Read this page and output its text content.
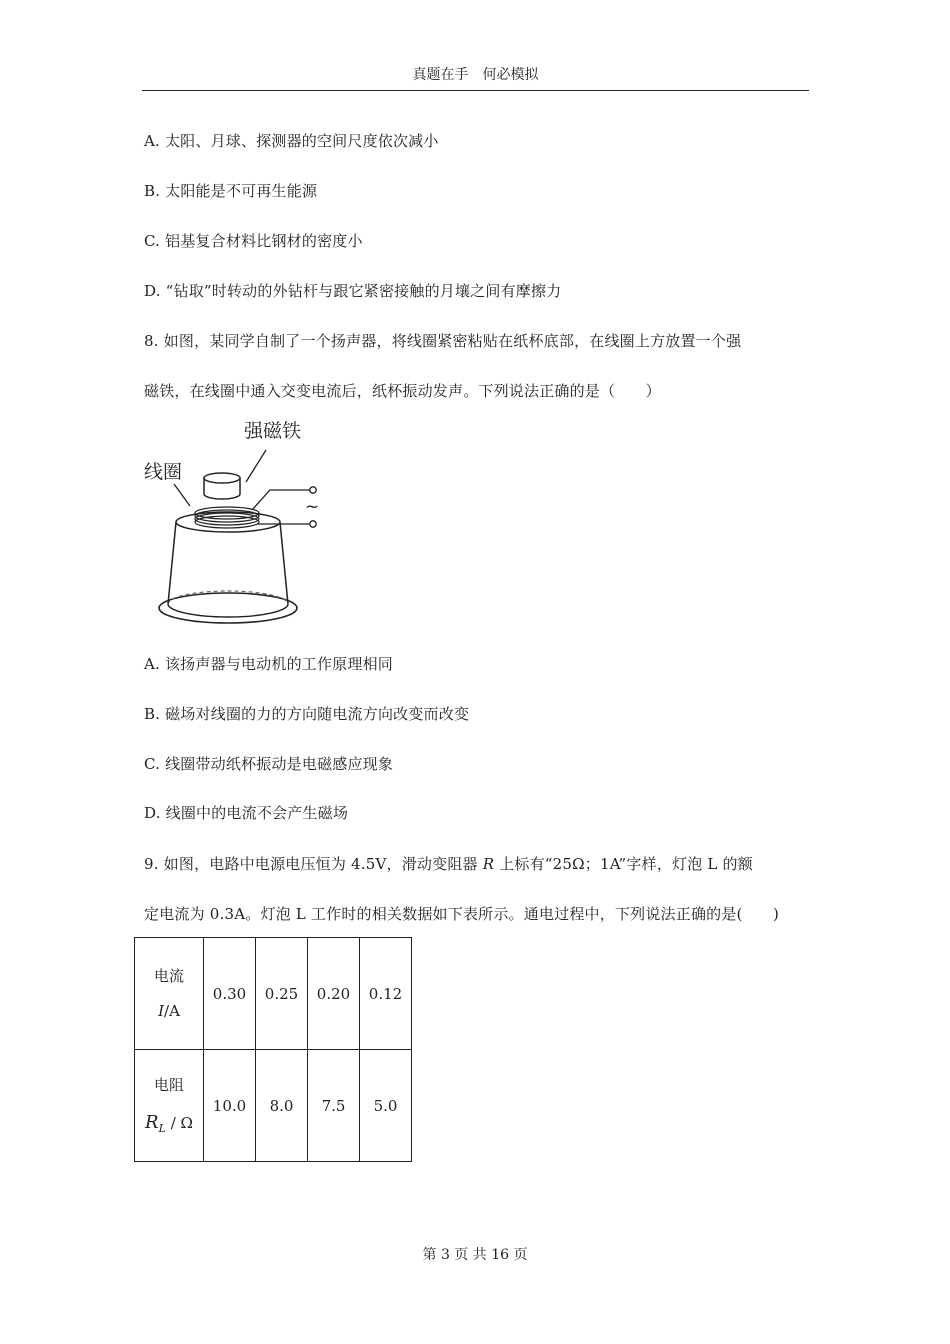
真题在手　何必模拟
A. 太阳、月球、探测器的空间尺度依次减小
B. 太阳能是不可再生能源
C. 铝基复合材料比钢材的密度小
D. “钻取”时转动的外钻杆与跟它紧密接触的月壤之间有摩擦力
8. 如图，某同学自制了一个扬声器，将线圈紧密粘贴在纸杯底部，在线圈上方放置一个强
磁铁，在线圈中通入交变电流后，纸杯振动发声。下列说法正确的是（　　）
强磁铁
线圈
~
A. 该扬声器与电动机的工作原理相同
B. 磁场对线圈的力的方向随电流方向改变而改变
C. 线圈带动纸杯振动是电磁感应现象
D. 线圈中的电流不会产生磁场
9. 如图，电路中电源电压恒为 4.5V，滑动变阻器 R 上标有“25Ω；1A”字样，灯泡 L 的额
定电流为 0.3A。灯泡 L 工作时的相关数据如下表所示。通电过程中，下列说法正确的是(　　)
电流
I/A	0.30	0.25	0.20	0.12

电阻
$R_L$ / Ω	10.0	8.0	7.5	5.0
第 3 页 共 16 页
